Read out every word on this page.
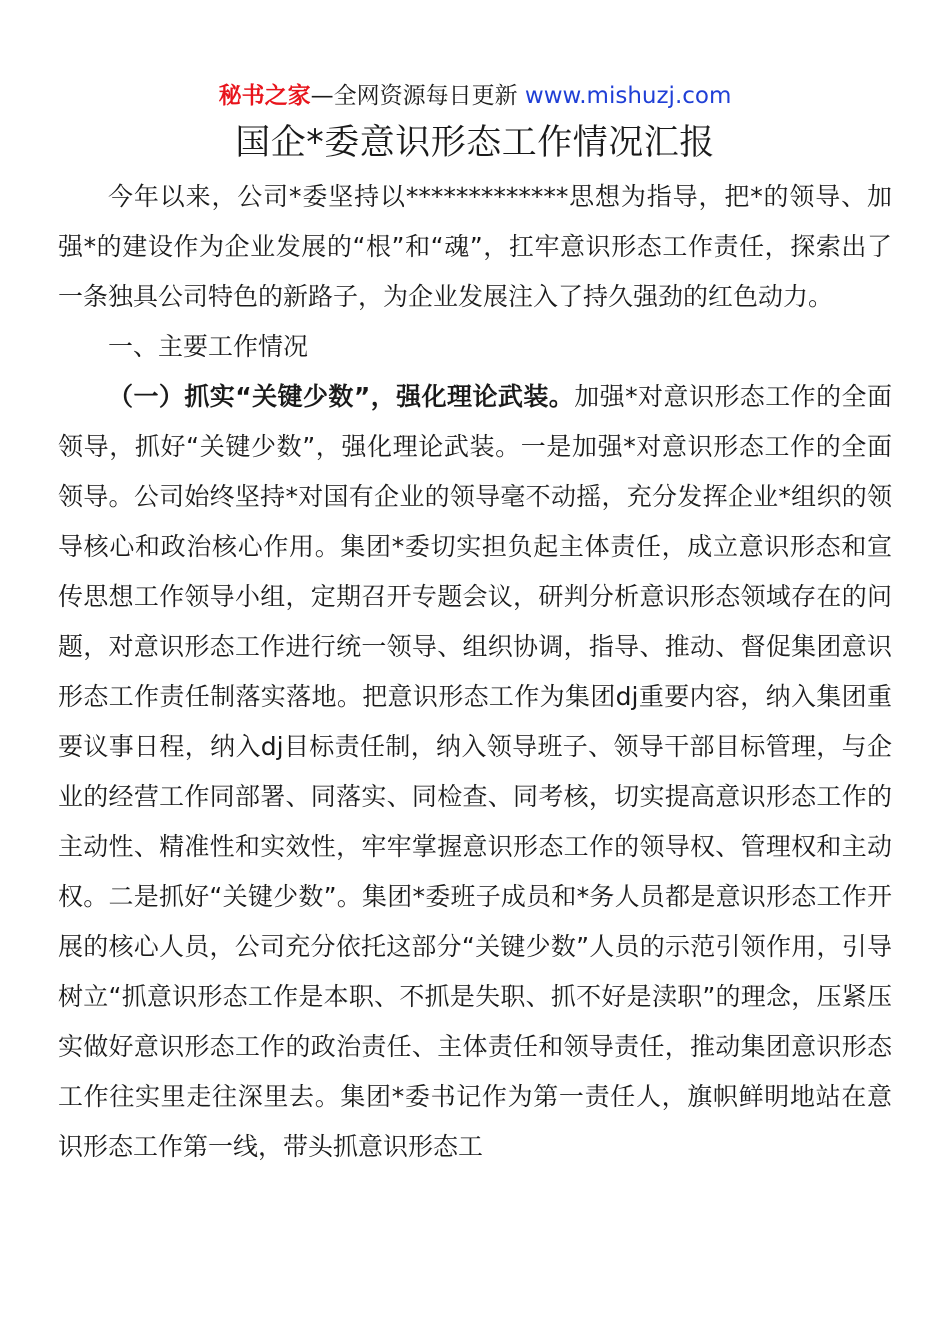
秘书之家—全网资源每日更新 www.mishuzj.com
国企*委意识形态工作情况汇报

今年以来，公司*委坚持以*************思想为指导，把*的领导、加强*的建设作为企业发展的“根”和“魂”，扛牢意识形态工作责任，探索出了一条独具公司特色的新路子，为企业发展注入了持久强劲的红色动力。

一、主要工作情况

（一）抓实“关键少数”，强化理论武装。加强*对意识形态工作的全面领导，抓好“关键少数”，强化理论武装。一是加强*对意识形态工作的全面领导。公司始终坚持*对国有企业的领导毫不动摇，充分发挥企业*组织的领导核心和政治核心作用。集团*委切实担负起主体责任，成立意识形态和宣传思想工作领导小组，定期召开专题会议，研判分析意识形态领域存在的问题，对意识形态工作进行统一领导、组织协调，指导、推动、督促集团意识形态工作责任制落实落地。把意识形态工作为集团dj重要内容，纳入集团重要议事日程，纳入dj目标责任制，纳入领导班子、领导干部目标管理，与企业的经营工作同部署、同落实、同检查、同考核，切实提高意识形态工作的主动性、精准性和实效性，牢牢掌握意识形态工作的领导权、管理权和主动权。二是抓好“关键少数”。集团*委班子成员和*务人员都是意识形态工作开展的核心人员，公司充分依托这部分“关键少数”人员的示范引领作用，引导树立“抓意识形态工作是本职、不抓是失职、抓不好是渎职”的理念，压紧压实做好意识形态工作的政治责任、主体责任和领导责任，推动集团意识形态工作往实里走往深里去。集团*委书记作为第一责任人，旗帜鲜明地站在意识形态工作第一线，带头抓意识形态工
